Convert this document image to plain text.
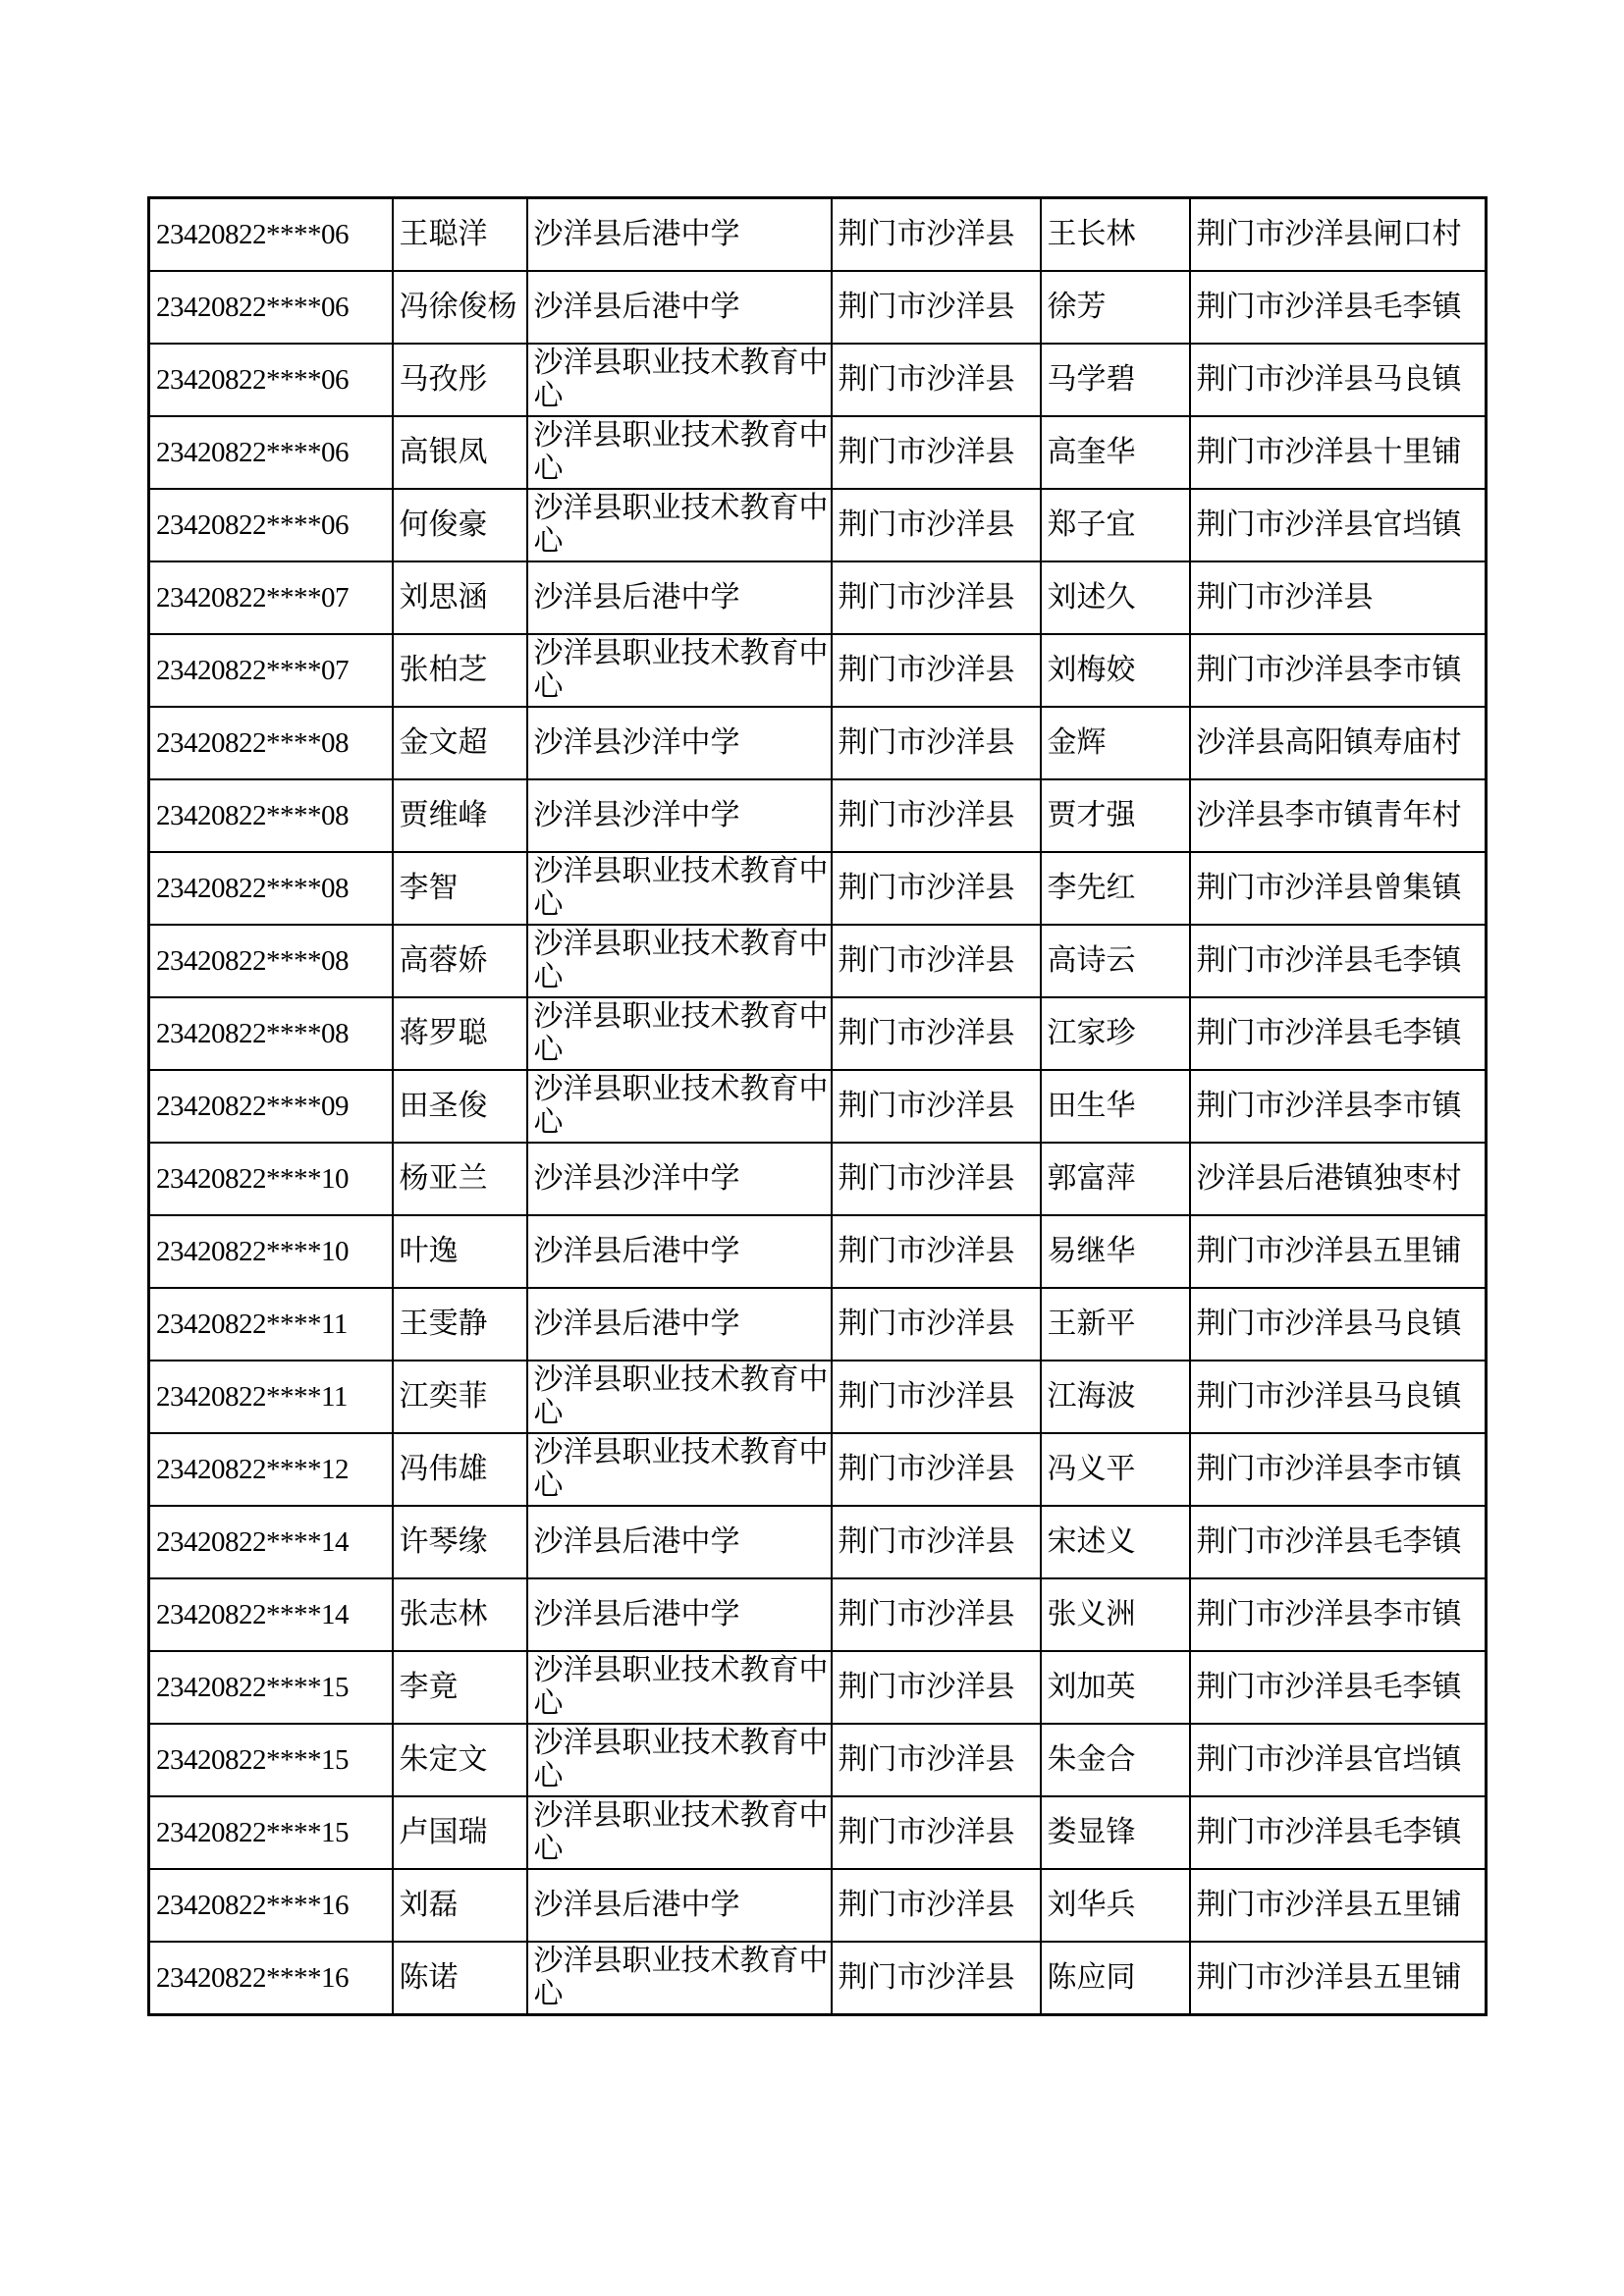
23420822****06	王聪洋	沙洋县后港中学	荆门市沙洋县	王长林	荆门市沙洋县闸口村
23420822****06	冯徐俊杨	沙洋县后港中学	荆门市沙洋县	徐芳	荆门市沙洋县毛李镇
23420822****06	马孜彤	沙洋县职业技术教育中心	荆门市沙洋县	马学碧	荆门市沙洋县马良镇
23420822****06	高银凤	沙洋县职业技术教育中心	荆门市沙洋县	高奎华	荆门市沙洋县十里铺
23420822****06	何俊豪	沙洋县职业技术教育中心	荆门市沙洋县	郑子宜	荆门市沙洋县官垱镇
23420822****07	刘思涵	沙洋县后港中学	荆门市沙洋县	刘述久	荆门市沙洋县
23420822****07	张柏芝	沙洋县职业技术教育中心	荆门市沙洋县	刘梅姣	荆门市沙洋县李市镇
23420822****08	金文超	沙洋县沙洋中学	荆门市沙洋县	金辉	沙洋县高阳镇寿庙村
23420822****08	贾维峰	沙洋县沙洋中学	荆门市沙洋县	贾才强	沙洋县李市镇青年村
23420822****08	李智	沙洋县职业技术教育中心	荆门市沙洋县	李先红	荆门市沙洋县曾集镇
23420822****08	高蓉娇	沙洋县职业技术教育中心	荆门市沙洋县	高诗云	荆门市沙洋县毛李镇
23420822****08	蒋罗聪	沙洋县职业技术教育中心	荆门市沙洋县	江家珍	荆门市沙洋县毛李镇
23420822****09	田圣俊	沙洋县职业技术教育中心	荆门市沙洋县	田生华	荆门市沙洋县李市镇
23420822****10	杨亚兰	沙洋县沙洋中学	荆门市沙洋县	郭富萍	沙洋县后港镇独枣村
23420822****10	叶逸	沙洋县后港中学	荆门市沙洋县	易继华	荆门市沙洋县五里铺
23420822****11	王雯静	沙洋县后港中学	荆门市沙洋县	王新平	荆门市沙洋县马良镇
23420822****11	江奕菲	沙洋县职业技术教育中心	荆门市沙洋县	江海波	荆门市沙洋县马良镇
23420822****12	冯伟雄	沙洋县职业技术教育中心	荆门市沙洋县	冯义平	荆门市沙洋县李市镇
23420822****14	许琴缘	沙洋县后港中学	荆门市沙洋县	宋述义	荆门市沙洋县毛李镇
23420822****14	张志林	沙洋县后港中学	荆门市沙洋县	张义洲	荆门市沙洋县李市镇
23420822****15	李竟	沙洋县职业技术教育中心	荆门市沙洋县	刘加英	荆门市沙洋县毛李镇
23420822****15	朱定文	沙洋县职业技术教育中心	荆门市沙洋县	朱金合	荆门市沙洋县官垱镇
23420822****15	卢国瑞	沙洋县职业技术教育中心	荆门市沙洋县	娄显锋	荆门市沙洋县毛李镇
23420822****16	刘磊	沙洋县后港中学	荆门市沙洋县	刘华兵	荆门市沙洋县五里铺
23420822****16	陈诺	沙洋县职业技术教育中心	荆门市沙洋县	陈应同	荆门市沙洋县五里铺
